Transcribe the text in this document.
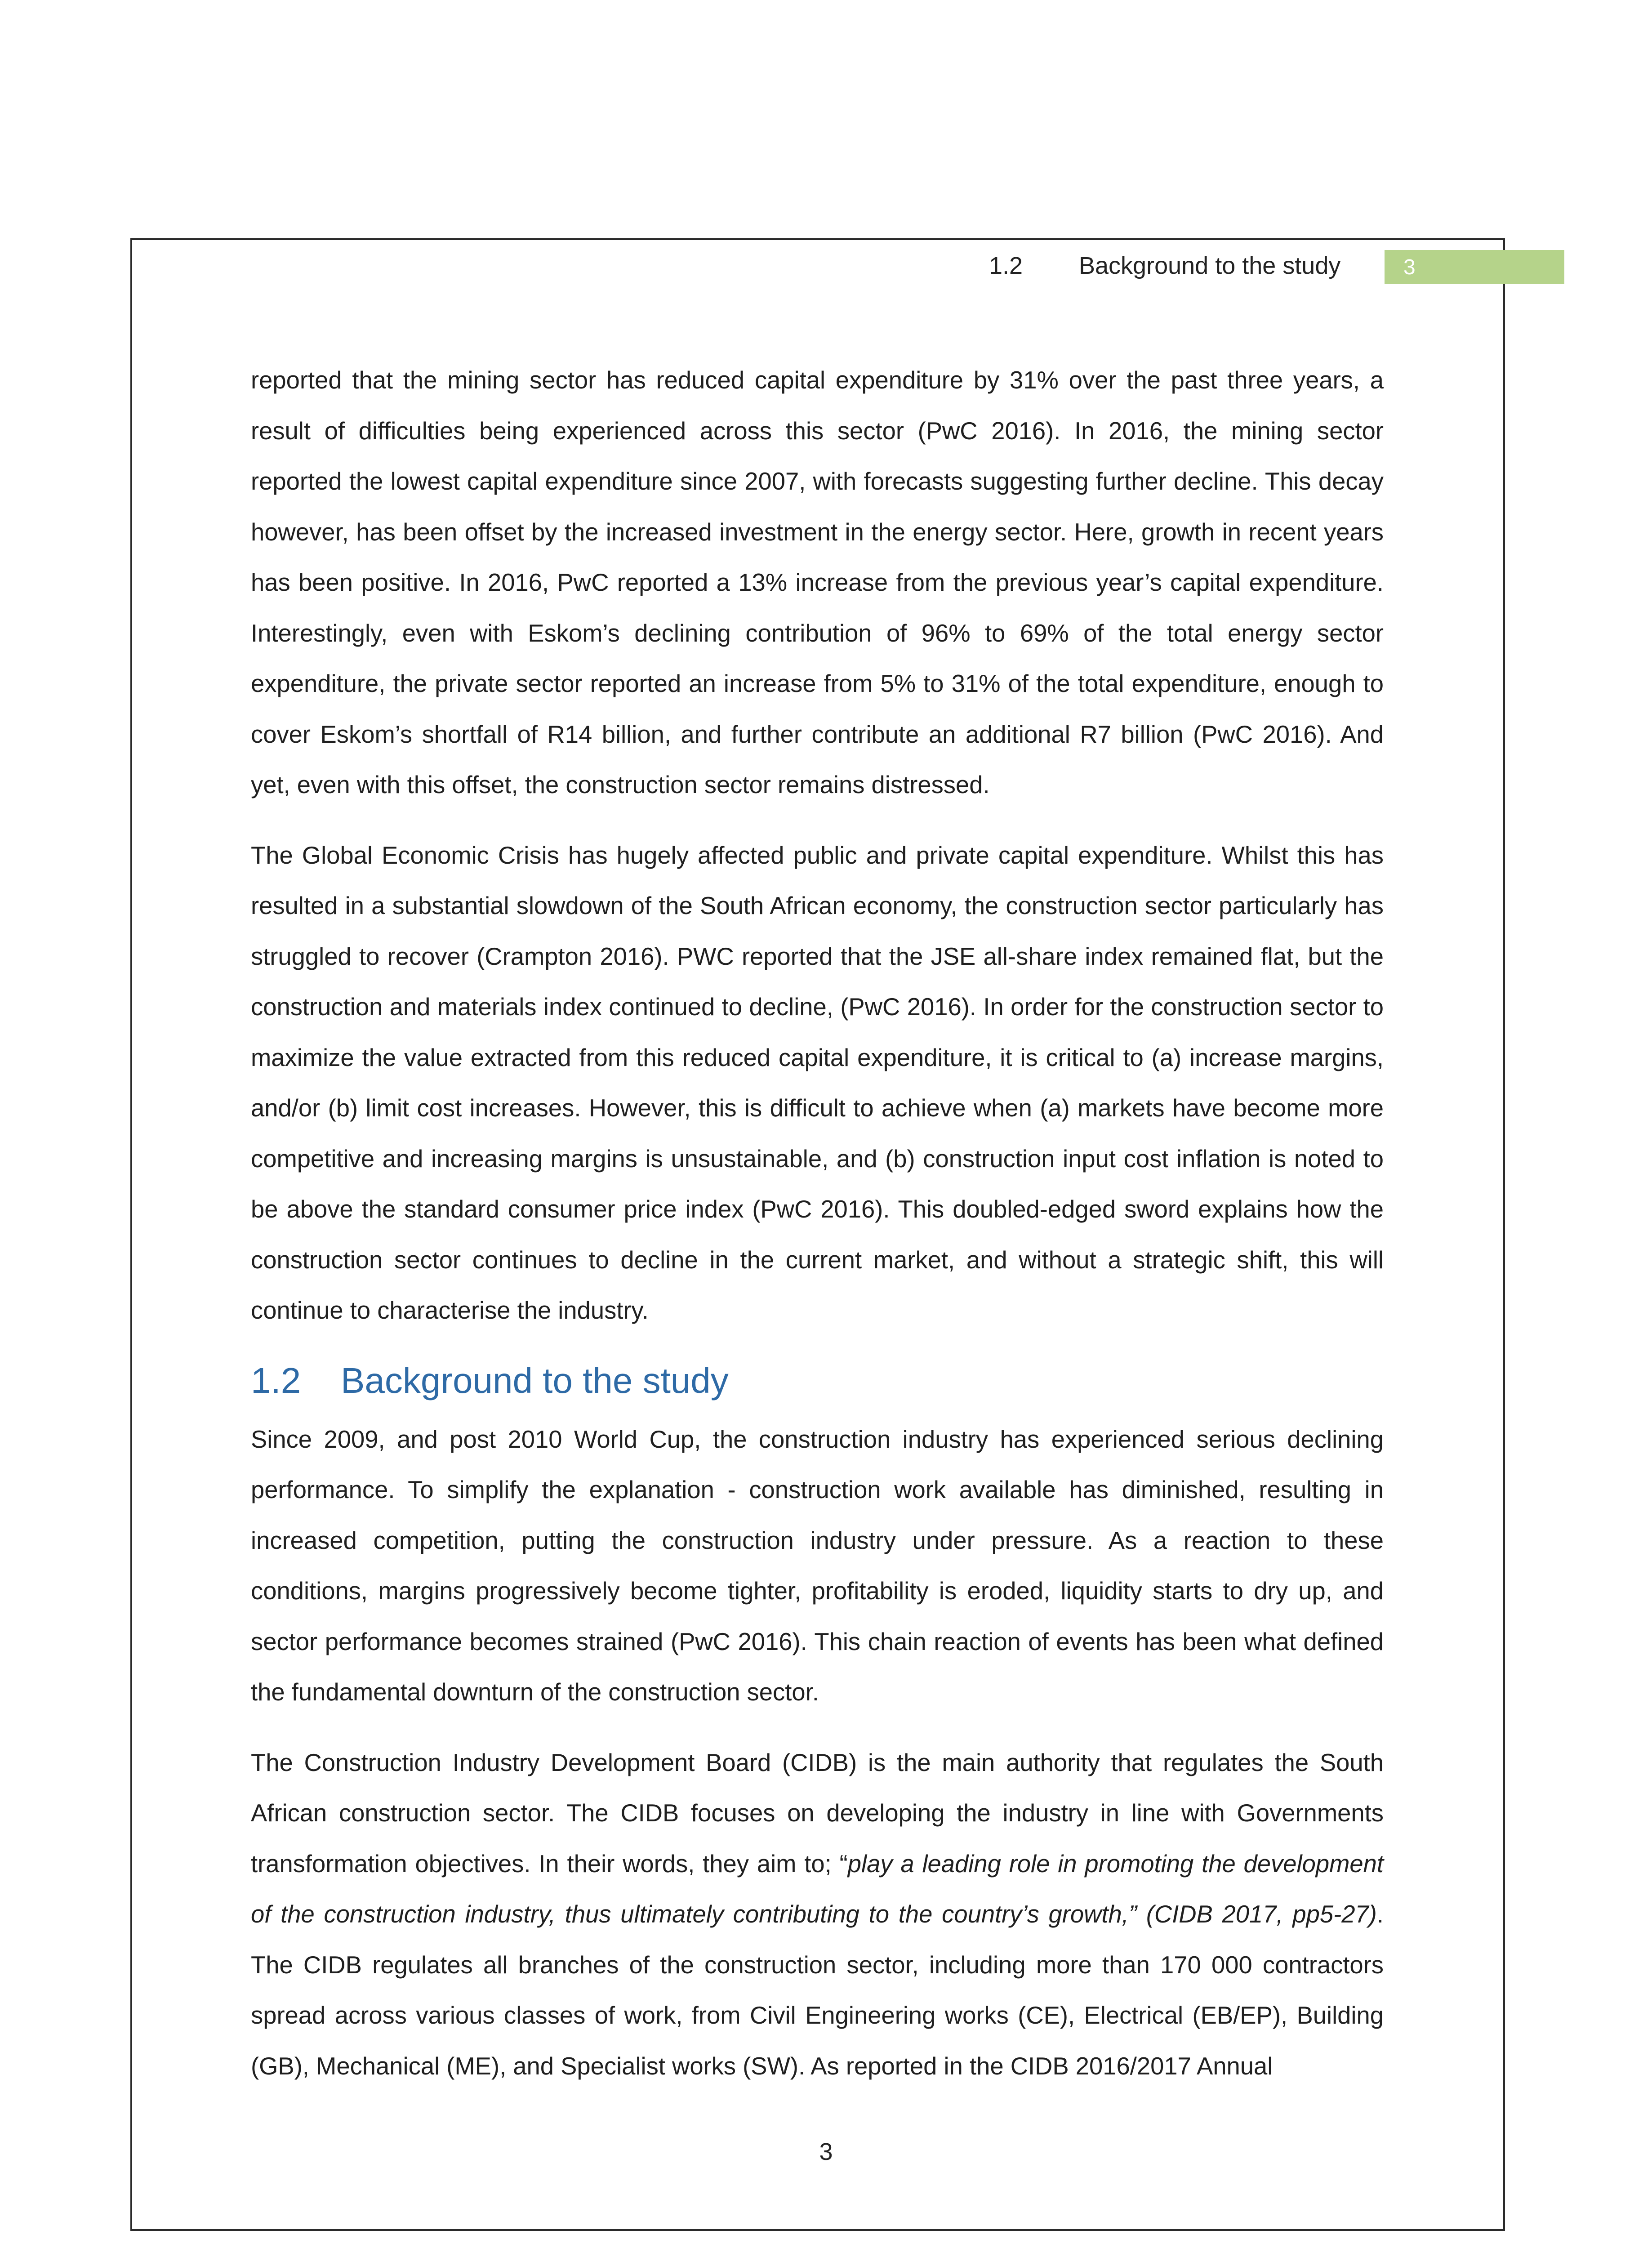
1.2	Background to the study	3

reported that the mining sector has reduced capital expenditure by 31% over the past three years, a result of difficulties being experienced across this sector (PwC 2016). In 2016, the mining sector reported the lowest capital expenditure since 2007, with forecasts suggesting further decline. This decay however, has been offset by the increased investment in the energy sector. Here, growth in recent years has been positive. In 2016, PwC reported a 13% increase from the previous year’s capital expenditure. Interestingly, even with Eskom’s declining contribution of 96% to 69% of the total energy sector expenditure, the private sector reported an increase from 5% to 31% of the total expenditure, enough to cover Eskom’s shortfall of R14 billion, and further contribute an additional R7 billion (PwC 2016). And yet, even with this offset, the construction sector remains distressed.

The Global Economic Crisis has hugely affected public and private capital expenditure. Whilst this has resulted in a substantial slowdown of the South African economy, the construction sector particularly has struggled to recover (Crampton 2016). PWC reported that the JSE all-share index remained flat, but the construction and materials index continued to decline, (PwC 2016). In order for the construction sector to maximize the value extracted from this reduced capital expenditure, it is critical to (a) increase margins, and/or (b) limit cost increases. However, this is difficult to achieve when (a) markets have become more competitive and increasing margins is unsustainable, and (b) construction input cost inflation is noted to be above the standard consumer price index (PwC 2016). This doubled-edged sword explains how the construction sector continues to decline in the current market, and without a strategic shift, this will continue to characterise the industry.

1.2	Background to the study

Since 2009, and post 2010 World Cup, the construction industry has experienced serious declining performance. To simplify the explanation - construction work available has diminished, resulting in increased competition, putting the construction industry under pressure. As a reaction to these conditions, margins progressively become tighter, profitability is eroded, liquidity starts to dry up, and sector performance becomes strained (PwC 2016). This chain reaction of events has been what defined the fundamental downturn of the construction sector.

The Construction Industry Development Board (CIDB) is the main authority that regulates the South African construction sector. The CIDB focuses on developing the industry in line with Governments transformation objectives. In their words, they aim to; “play a leading role in promoting the development of the construction industry, thus ultimately contributing to the country’s growth,” (CIDB 2017, pp5-27). The CIDB regulates all branches of the construction sector, including more than 170 000 contractors spread across various classes of work, from Civil Engineering works (CE), Electrical (EB/EP), Building (GB), Mechanical (ME), and Specialist works (SW). As reported in the CIDB 2016/2017 Annual

3
